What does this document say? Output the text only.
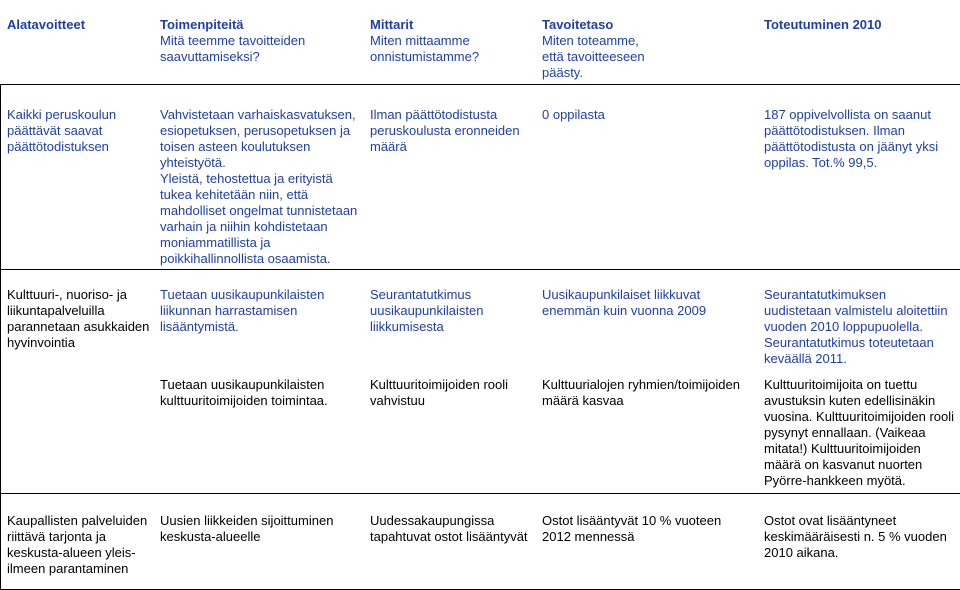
Alatavoitteet	Toimenpiteitä
Mitä teemme tavoitteiden
saavuttamiseksi?
Mittarit
Miten mittaamme
onnistumistamme?
Tavoitetaso
Miten toteamme,
että tavoitteeseen
päästy.
Toteutuminen 2010
Kaikki peruskoulun
päättävät saavat
päättötodistuksen
Vahvistetaan varhaiskasvatuksen,
esiopetuksen, perusopetuksen ja
toisen asteen koulutuksen
yhteistyötä.
Yleistä, tehostettua ja erityistä
tukea kehitetään niin, että
mahdolliset ongelmat tunnistetaan
varhain ja niihin kohdistetaan
moniammatillista ja
poikkihallinnollista osaamista.
Ilman päättötodistusta
peruskoulusta eronneiden
määrä
0 oppilasta	187 oppivelvollista on saanut
päättötodistuksen. Ilman
päättötodistusta on jäänyt yksi
oppilas. Tot.% 99,5.
Kulttuuri-, nuoriso- ja
liikuntapalveluilla
parannetaan asukkaiden
hyvinvointia
Tuetaan uusikaupunkilaisten
liikunnan harrastamisen
lisääntymistä.
Seurantatutkimus
uusikaupunkilaisten
liikkumisesta
Uusikaupunkilaiset liikkuvat
enemmän kuin vuonna 2009
Seurantatutkimuksen
uudistetaan valmistelu aloitettiin
vuoden 2010 loppupuolella.
Seurantatutkimus toteutetaan
keväällä 2011.
Tuetaan uusikaupunkilaisten
kulttuuritoimijoiden toimintaa.
Kulttuuritoimijoiden rooli
vahvistuu
Kulttuurialojen ryhmien/toimijoiden
määrä kasvaa
Kulttuuritoimijoita on tuettu
avustuksin kuten edellisinäkin
vuosina. Kulttuuritoimijoiden rooli
pysynyt ennallaan. (Vaikeaa
mitata!) Kulttuuritoimijoiden
määrä on kasvanut nuorten
Pyörre-hankkeen myötä.
Kaupallisten palveluiden
riittävä tarjonta ja
keskusta-alueen yleis-
ilmeen parantaminen
Uusien liikkeiden sijoittuminen
keskusta-alueelle
Uudessakaupungissa
tapahtuvat ostot lisääntyvät
Ostot lisääntyvät 10 % vuoteen
2012 mennessä
Ostot ovat lisääntyneet
keskimääräisesti n. 5 % vuoden
2010 aikana.
